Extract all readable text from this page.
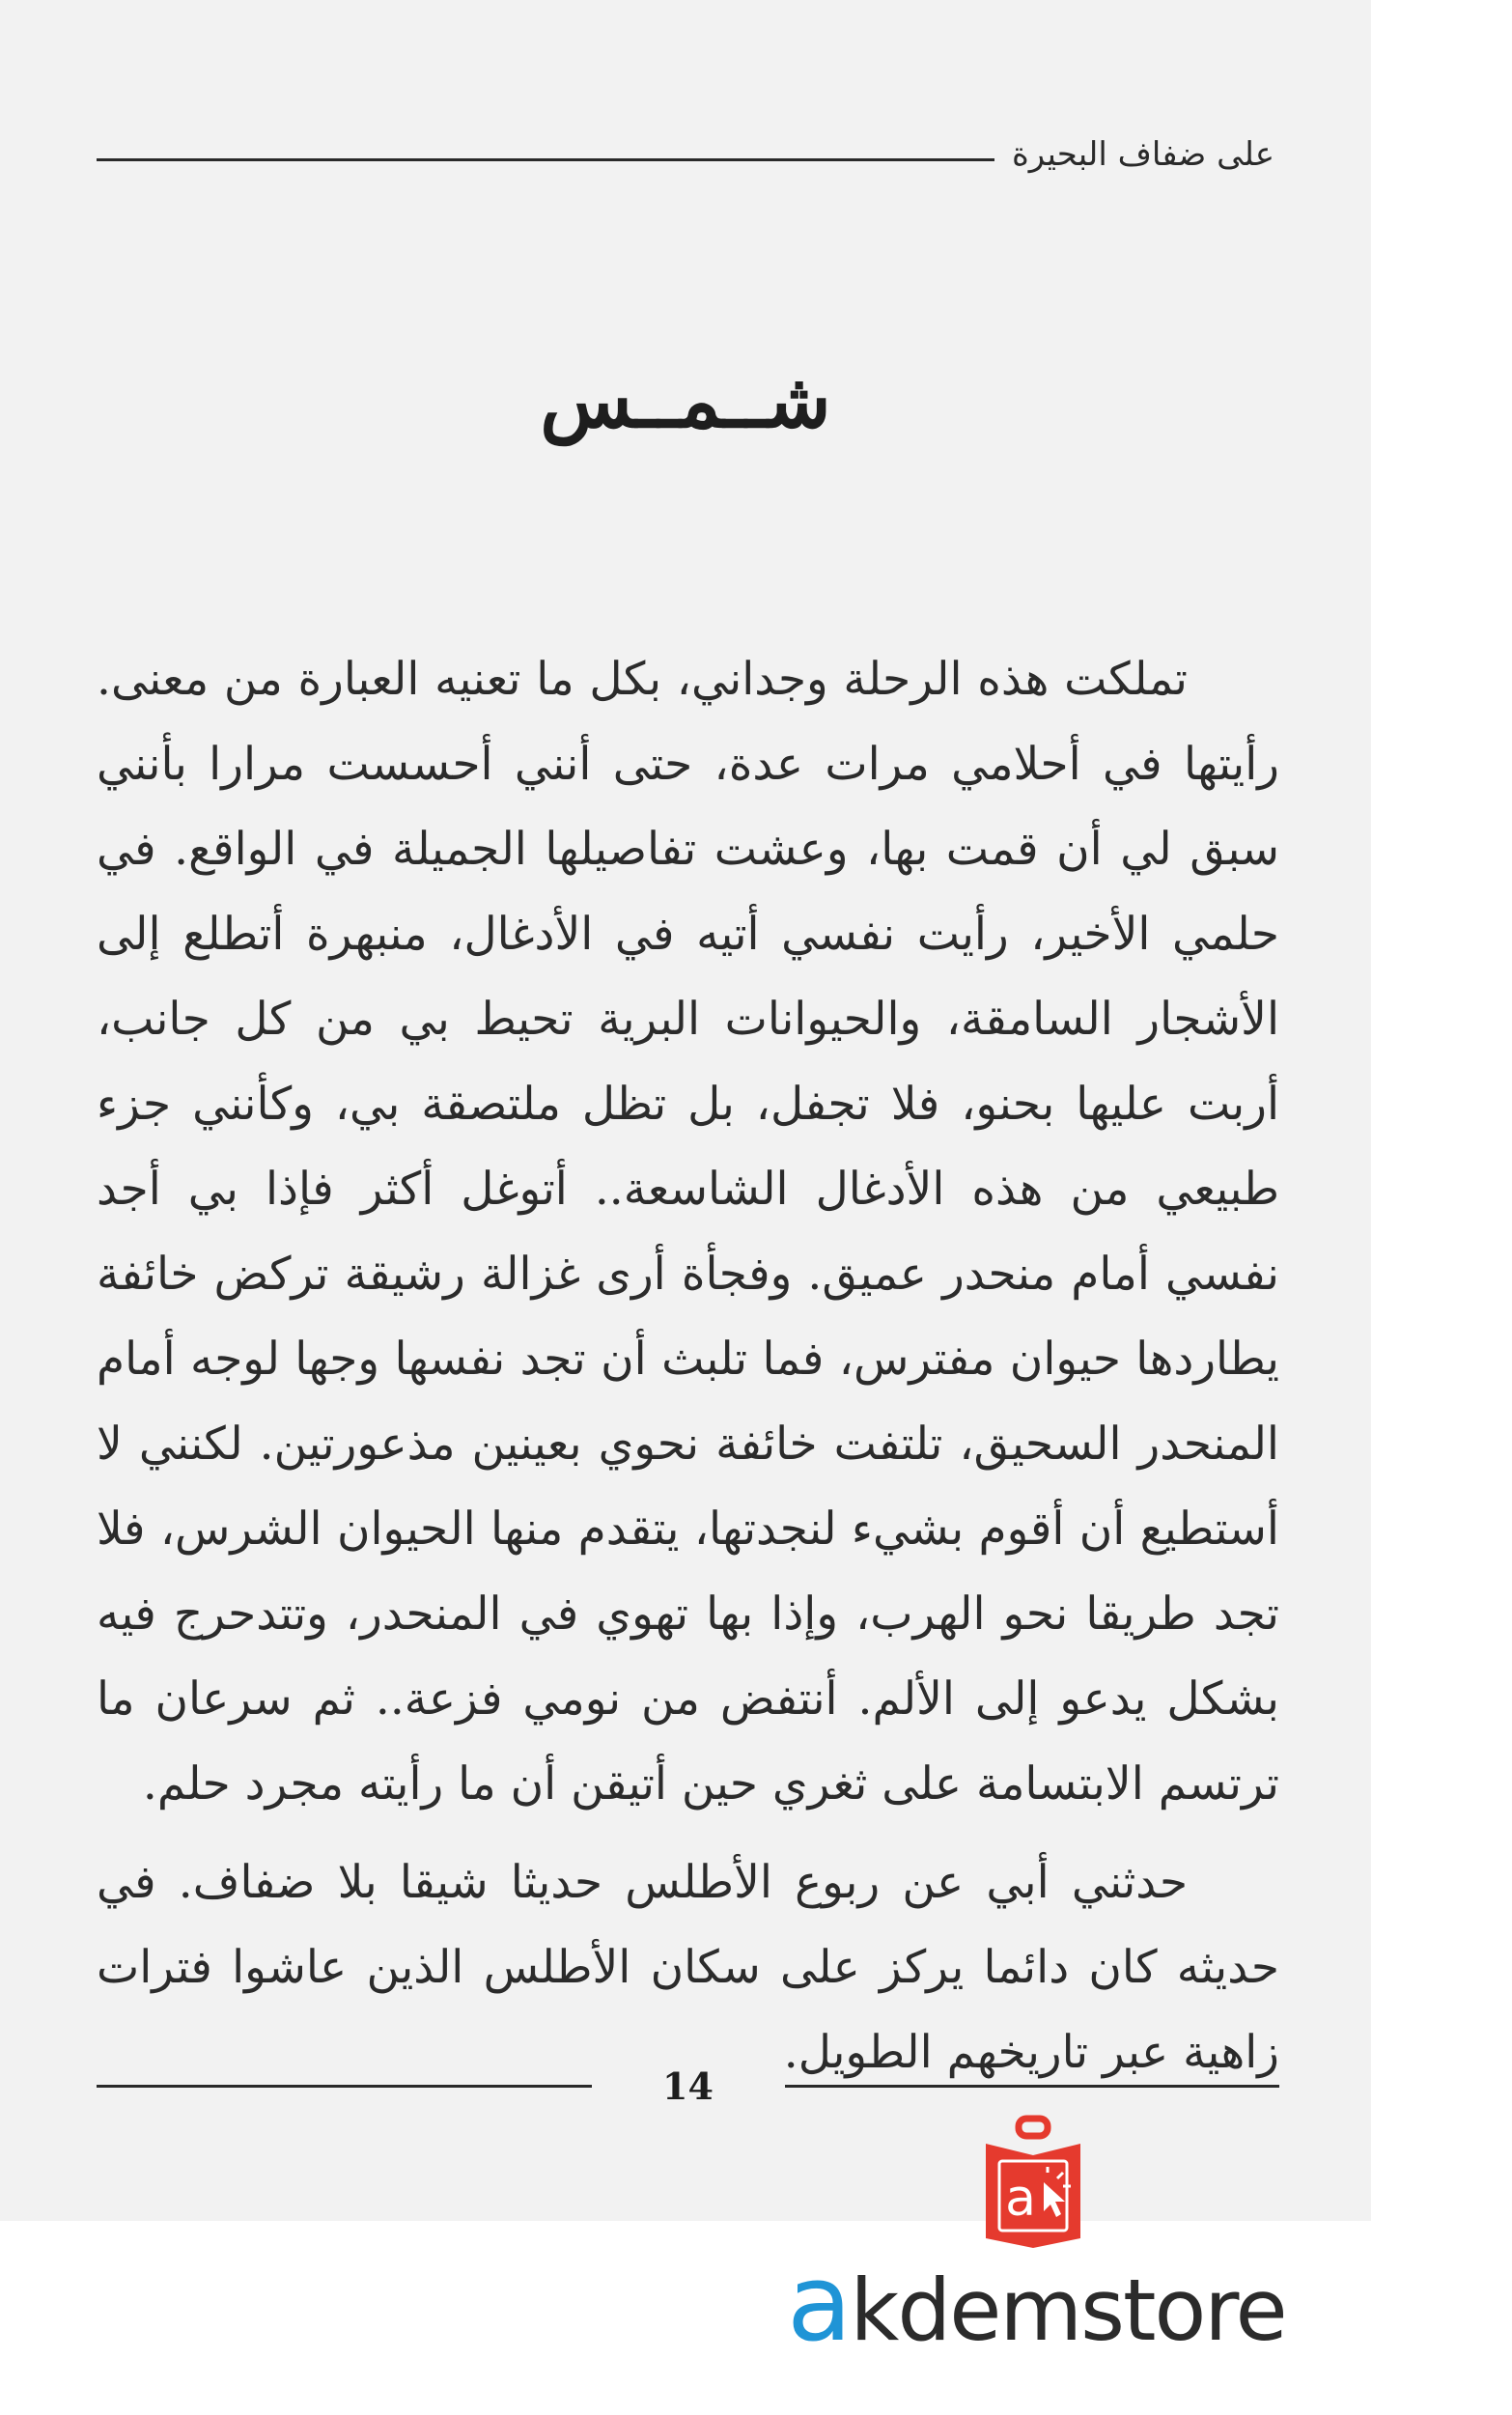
على ضفاف البحيرة
شــمــس

تملكت هذه الرحلة وجداني، بكل ما تعنيه العبارة من معنى. رأيتها في أحلامي مرات عدة، حتى أنني أحسست مرارا بأنني سبق لي أن قمت بها، وعشت تفاصيلها الجميلة في الواقع. في حلمي الأخير، رأيت نفسي أتيه في الأدغال، منبهرة أتطلع إلى الأشجار السامقة، والحيوانات البرية تحيط بي من كل جانب، أربت عليها بحنو، فلا تجفل، بل تظل ملتصقة بي، وكأنني جزء طبيعي من هذه الأدغال الشاسعة.. أتوغل أكثر فإذا بي أجد نفسي أمام منحدر عميق. وفجأة أرى غزالة رشيقة تركض خائفة يطاردها حيوان مفترس، فما تلبث أن تجد نفسها وجها لوجه أمام المنحدر السحيق، تلتفت خائفة نحوي بعينين مذعورتين. لكنني لا أستطيع أن أقوم بشيء لنجدتها، يتقدم منها الحيوان الشرس، فلا تجد طريقا نحو الهرب، وإذا بها تهوي في المنحدر، وتتدحرج فيه بشكل يدعو إلى الألم. أنتفض من نومي فزعة.. ثم سرعان ما ترتسم الابتسامة على ثغري حين أتيقن أن ما رأيته مجرد حلم.

حدثني أبي عن ربوع الأطلس حديثا شيقا بلا ضفاف. في حديثه كان دائما يركز على سكان الأطلس الذين عاشوا فترات زاهية عبر تاريخهم الطويل.

14
a
akdemstore
